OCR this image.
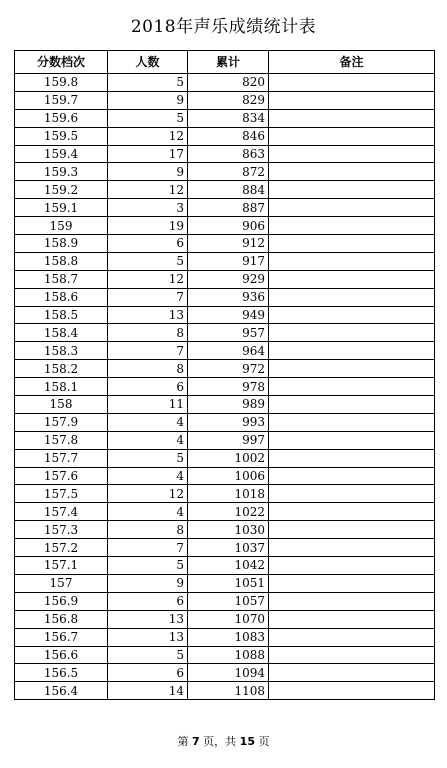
2018年声乐成绩统计表
分数档次	人数	累计	备注
159.8	5	820	
159.7	9	829	
159.6	5	834	
159.5	12	846	
159.4	17	863	
159.3	9	872	
159.2	12	884	
159.1	3	887	
159	19	906	
158.9	6	912	
158.8	5	917	
158.7	12	929	
158.6	7	936	
158.5	13	949	
158.4	8	957	
158.3	7	964	
158.2	8	972	
158.1	6	978	
158	11	989	
157.9	4	993	
157.8	4	997	
157.7	5	1002	
157.6	4	1006	
157.5	12	1018	
157.4	4	1022	
157.3	8	1030	
157.2	7	1037	
157.1	5	1042	
157	9	1051	
156.9	6	1057	
156.8	13	1070	
156.7	13	1083	
156.6	5	1088	
156.5	6	1094	
156.4	14	1108	
第 7 页，共 15 页
